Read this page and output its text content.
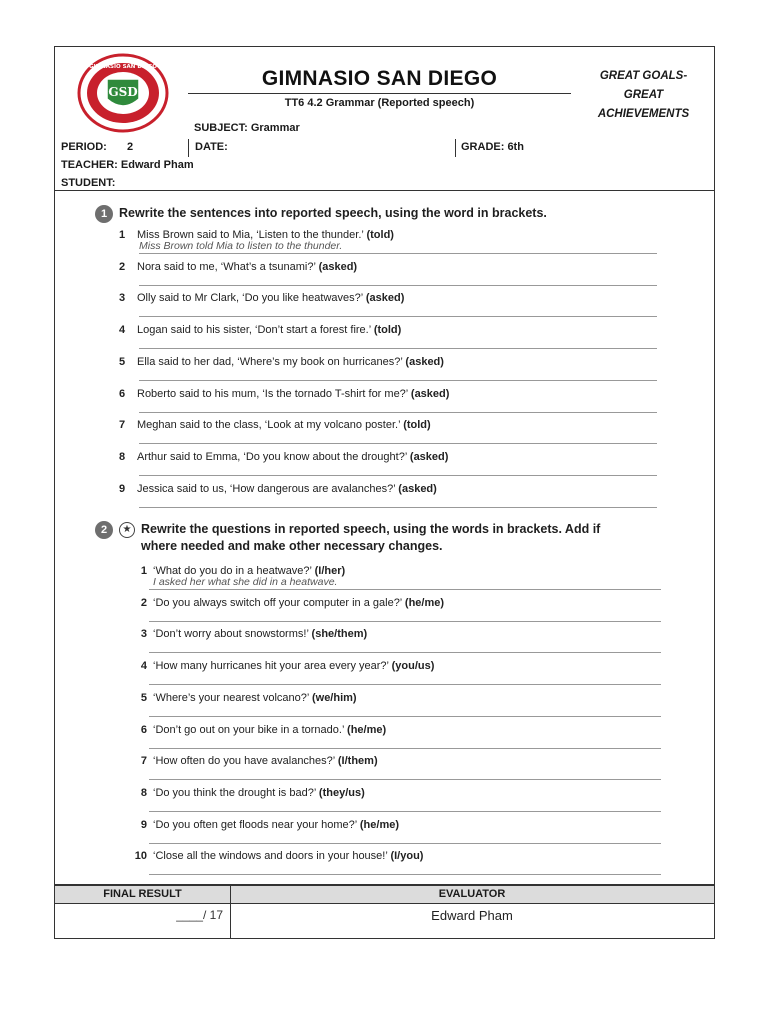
GSD
GIMNASIO SAN DIEGO	GIMNASIO SAN DIEGO
TT6 4.2 Grammar (Reported speech)
SUBJECT: Grammar
GREAT GOALS-
GREAT
ACHIEVEMENTS
PERIOD: 2	DATE:	GRADE: 6th
TEACHER: Edward Pham
STUDENT:
1 Rewrite the sentences into reported speech, using the word in brackets.
1 Miss Brown said to Mia, ‘Listen to the thunder.’ (told)
Miss Brown told Mia to listen to the thunder.
2 Nora said to me, ‘What’s a tsunami?’ (asked)
3 Olly said to Mr Clark, ‘Do you like heatwaves?’ (asked)
4 Logan said to his sister, ‘Don’t start a forest fire.’ (told)
5 Ella said to her dad, ‘Where’s my book on hurricanes?’ (asked)
6 Roberto said to his mum, ‘Is the tornado T-shirt for me?’ (asked)
7 Meghan said to the class, ‘Look at my volcano poster.’ (told)
8 Arthur said to Emma, ‘Do you know about the drought?’ (asked)
9 Jessica said to us, ‘How dangerous are avalanches?’ (asked)
2	★ Rewrite the questions in reported speech, using the words in brackets. Add if
where needed and make other necessary changes.
1 ‘What do you do in a heatwave?’ (I/her)
I asked her what she did in a heatwave.
2 ‘Do you always switch off your computer in a gale?’ (he/me)
3 ‘Don’t worry about snowstorms!’ (she/them)
4 ‘How many hurricanes hit your area every year?’ (you/us)
5 ‘Where’s your nearest volcano?’ (we/him)
6 ‘Don’t go out on your bike in a tornado.’ (he/me)
7 ‘How often do you have avalanches?’ (I/them)
8 ‘Do you think the drought is bad?’ (they/us)
9 ‘Do you often get floods near your home?’ (he/me)
10 ‘Close all the windows and doors in your house!’ (I/you)
FINAL RESULT	EVALUATOR
____/ 17	Edward Pham
